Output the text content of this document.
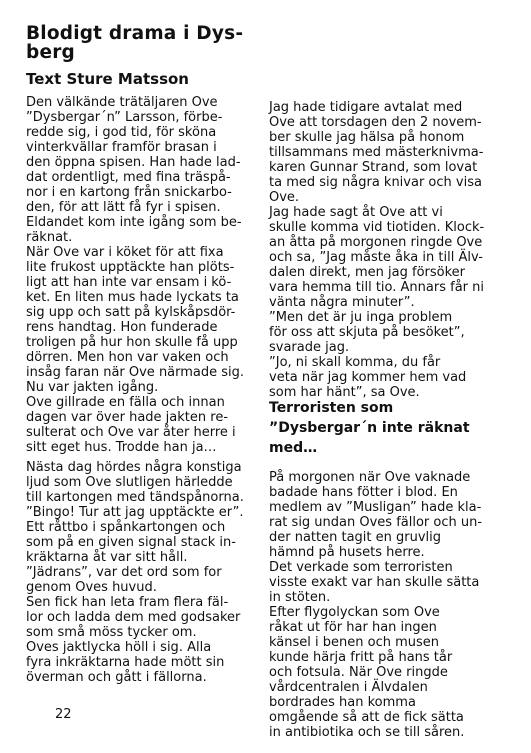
Blodigt drama i Dys-
berg

Text Sture Matsson

Den välkände trätäljaren Ove
”Dysbergar´n” Larsson, förbe-
redde sig, i god tid, för sköna
vinterkvällar framför brasan i
den öppna spisen. Han hade lad-
dat ordentligt, med fina träspå-
nor i en kartong från snickarbo-
den, för att lätt få fyr i spisen.
Eldandet kom inte igång som be-
räknat.
När Ove var i köket för att fixa
lite frukost upptäckte han plöts-
ligt att han inte var ensam i kö-
ket. En liten mus hade lyckats ta
sig upp och satt på kylskåpsdör-
rens handtag. Hon funderade
troligen på hur hon skulle få upp
dörren. Men hon var vaken och
insåg faran när Ove närmade sig.
Nu var jakten igång.
Ove gillrade en fälla och innan
dagen var över hade jakten re-
sulterat och Ove var åter herre i
sitt eget hus. Trodde han ja…
Nästa dag hördes några konstiga
ljud som Ove slutligen härledde
till kartongen med tändspånorna.
”Bingo! Tur att jag upptäckte er”.
Ett råttbo i spånkartongen och
som på en given signal stack in-
kräktarna åt var sitt håll.
”Jädrans”, var det ord som for
genom Oves huvud.
Sen fick han leta fram flera fäl-
lor och ladda dem med godsaker
som små möss tycker om.
Oves jaktlycka höll i sig. Alla
fyra inkräktarna hade mött sin
överman och gått i fällorna.
Jag hade tidigare avtalat med
Ove att torsdagen den 2 novem-
ber skulle jag hälsa på honom
tillsammans med mästerknivma-
karen Gunnar Strand, som lovat
ta med sig några knivar och visa
Ove.
Jag hade sagt åt Ove att vi
skulle komma vid tiotiden. Klock-
an åtta på morgonen ringde Ove
och sa, ”Jag måste åka in till Älv-
dalen direkt, men jag försöker
vara hemma till tio. Annars får ni
vänta några minuter”.
”Men det är ju inga problem
för oss att skjuta på besöket”,
svarade jag.
”Jo, ni skall komma, du får
veta när jag kommer hem vad
som har hänt”, sa Ove.
Terroristen som
”Dysbergar´n inte räknat
med…
På morgonen när Ove vaknade
badade hans fötter i blod. En
medlem av ”Musligan” hade kla-
rat sig undan Oves fällor och un-
der natten tagit en gruvlig
hämnd på husets herre.
Det verkade som terroristen
visste exakt var han skulle sätta
in stöten.
Efter flygolyckan som Ove
råkat ut för har han ingen
känsel i benen och musen
kunde härja fritt på hans tår
och fotsula. När Ove ringde
vårdcentralen i Älvdalen
bordrades han komma
omgående så att de fick sätta
in antibiotika och se till såren.
22
